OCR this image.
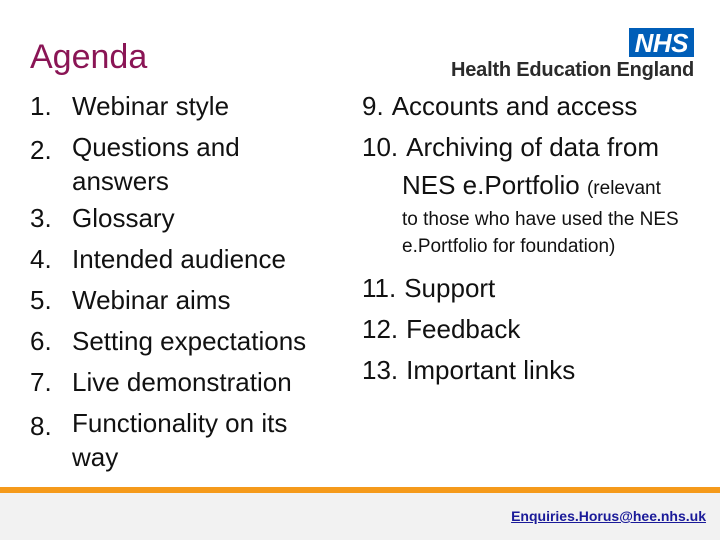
Agenda	NHS
Health Education England
1. Webinar style
2. Questions and answers
3. Glossary
4. Intended audience
5. Webinar aims
6. Setting expectations
7. Live demonstration
8. Functionality on its way
9. Accounts and access
10. Archiving of data from
NES e.Portfolio (relevant
to those who have used the NES e.Portfolio for foundation)
11. Support
12. Feedback
13. Important links
Enquiries.Horus@hee.nhs.uk
